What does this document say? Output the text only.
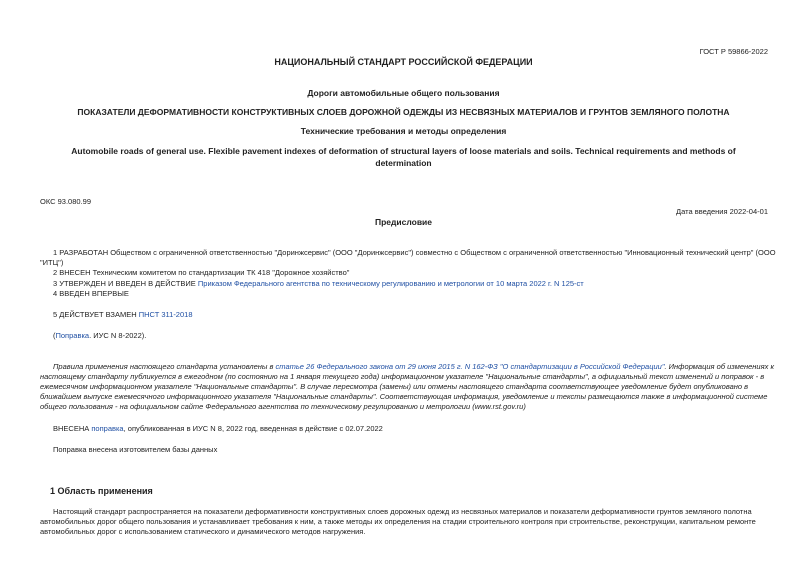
ГОСТ Р 59866-2022
НАЦИОНАЛЬНЫЙ СТАНДАРТ РОССИЙСКОЙ ФЕДЕРАЦИИ
Дороги автомобильные общего пользования
ПОКАЗАТЕЛИ ДЕФОРМАТИВНОСТИ КОНСТРУКТИВНЫХ СЛОЕВ ДОРОЖНОЙ ОДЕЖДЫ ИЗ НЕСВЯЗНЫХ МАТЕРИАЛОВ И ГРУНТОВ ЗЕМЛЯНОГО ПОЛОТНА
Технические требования и методы определения
Automobile roads of general use. Flexible pavement indexes of deformation of structural layers of loose materials and soils. Technical requirements and methods of
determination
ОКС 93.080.99
Дата введения 2022-04-01
Предисловие
1 РАЗРАБОТАН Обществом с ограниченной ответственностью "Доринжсервис" (ООО "Доринжсервис") совместно с Обществом с ограниченной ответственностью "Инновационный технический центр" (ООО
"ИТЦ")
2 ВНЕСЕН Техническим комитетом по стандартизации ТК 418 "Дорожное хозяйство"
3 УТВЕРЖДЕН И ВВЕДЕН В ДЕЙСТВИЕ Приказом Федерального агентства по техническому регулированию и метрологии от 10 марта 2022 г. N 125-ст
4 ВВЕДЕН ВПЕРВЫЕ
5 ДЕЙСТВУЕТ ВЗАМЕН ПНСТ 311-2018
(Поправка. ИУС N 8-2022).
Правила применения настоящего стандарта установлены в статье 26 Федерального закона от 29 июня 2015 г. N 162-ФЗ "О стандартизации в Российской Федерации". Информация об изменениях к
настоящему стандарту публикуется в ежегодном (по состоянию на 1 января текущего года) информационном указателе "Национальные стандарты", а официальный текст изменений и поправок - в
ежемесячном информационном указателе "Национальные стандарты". В случае пересмотра (замены) или отмены настоящего стандарта соответствующее уведомление будет опубликовано в
ближайшем выпуске ежемесячного информационного указателя "Национальные стандарты". Соответствующая информация, уведомление и тексты размещаются также в информационной системе
общего пользования - на официальном сайте Федерального агентства по техническому регулированию и метрологии (www.rst.gov.ru)
ВНЕСЕНА поправка, опубликованная в ИУС N 8, 2022 год, введенная в действие с 02.07.2022
Поправка внесена изготовителем базы данных
1 Область применения
Настоящий стандарт распространяется на показатели деформативности конструктивных слоев дорожных одежд из несвязных материалов и показатели деформативности грунтов земляного полотна
автомобильных дорог общего пользования и устанавливает требования к ним, а также методы их определения на стадии строительного контроля при строительстве, реконструкции, капитальном ремонте
автомобильных дорог с использованием статического и динамического методов нагружения.
